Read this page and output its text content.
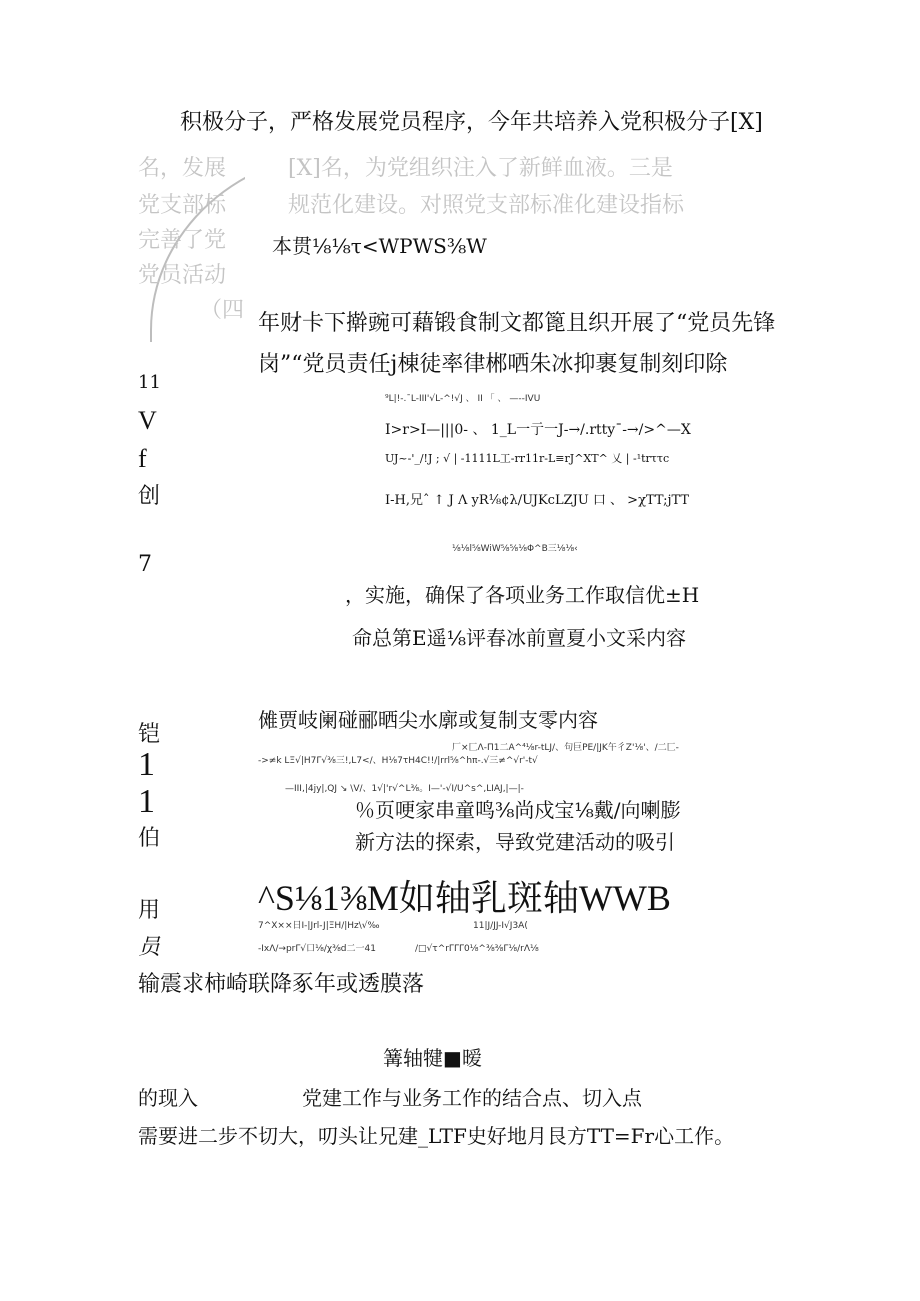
积极分子，严格发展党员程序，今年共培养入党积极分子[X]
名，发展	[X]名，为党组织注入了新鲜血液。三是
党支部标	规范化建设。对照党支部标准化建设指标
完善了党 本贯⅛⅛τ<WPWS⅜W
党员活动
（四
年财卡下擀豌可藉锻食制文都篦且织开展了“党员先锋
岗”“党员责任j棟徒率律郴哂朱冰抑裹复制刻印除
11
V
f
创
7
⁹L|!-.¯L-III'√L-^!√J 、 II 「 、 —--IVU
I>r>I—|||0- 、 1_L一亍一J-→/.rtty¯-→/>^—X
UJ~-'_/!J ; √ | -1111L工-rr11r-L≡rJ^XT^ 乂 | -¹trττc
I-H,兄ˆ ↑ J Λ yR⅛¢λ/UJKcLZJU 口 、 >χTT;jTT
⅛⅛l⅝WiW⅝⅝⅛Φ^B三⅛⅛‹
，实施，确保了各项业务工作取信优±H
命总第E遥⅛评春冰前亶夏小文采内容
铠
傩贾岐阑碰郦晒尖水廓或复制支零内容
厂×匚Λ-Π1二A^⁴⅛r-tLJ/、句巨PE/|JK午彳Z'⅛'、/二匚-
->≠k LΞ√|H7Γ√⅜三!,L7</、H⅛7τH4C!!/|rrl⅝^hπ-.√三≠^√r'-t√
—III,|4jy|,QJ ↘ \V/、1√|'r√^L⅜。I—'-√I/U^s^,LIAJ,|—|-
1
1	％页哽家串童鸣⅜尚戍宝⅛戴/向喇膨
伯	新方法的探索，导致党建活动的吸引
用	^S⅛1⅜M如轴乳斑轴WWB
员
7^X××日I-|Jrl-J|ΞH/|Hz\√‰	11|J/JJ-I√J3A(
-IxΛ/→prΓ√口⅛/χ⅜d二一41	/□√τ^rΓΓΓ0⅛^⅜⅜Γ⅛/rΛ⅛
输震求柿崎联降豖年或透膜落
篝轴犍■暧
的现入	党建工作与业务工作的结合点、切入点
需要进二步不切大，叨头让兄建_LTF史好地月艮方TT=Fr心工作。
